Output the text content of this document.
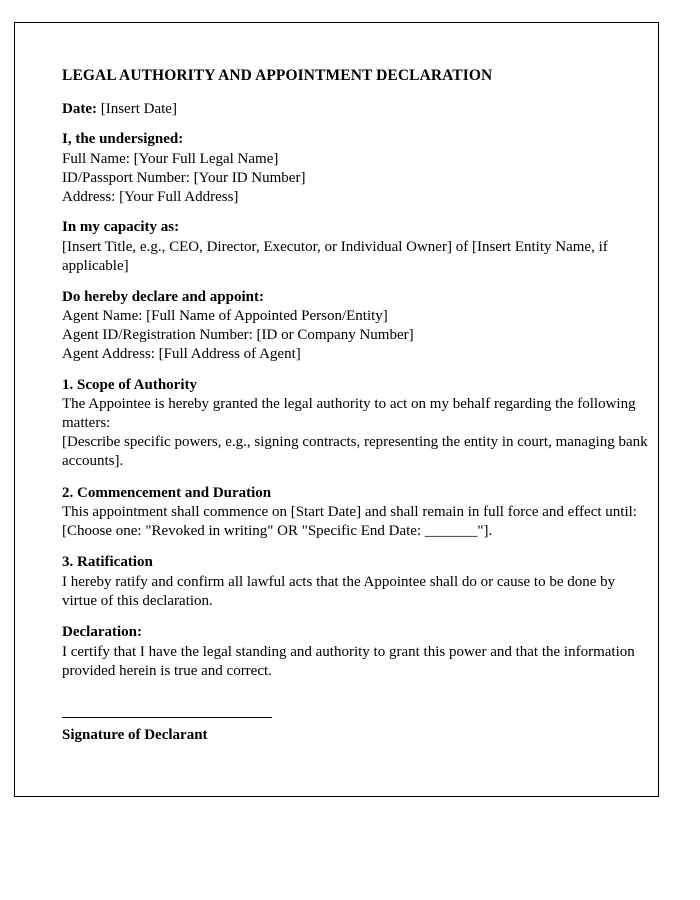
LEGAL AUTHORITY AND APPOINTMENT DECLARATION

Date: [Insert Date]

I, the undersigned:

Full Name: [Your Full Legal Name]

ID/Passport Number: [Your ID Number]

Address: [Your Full Address]

In my capacity as:

[Insert Title, e.g., CEO, Director, Executor, or Individual Owner] of [Insert Entity Name, if applicable]

Do hereby declare and appoint:

Agent Name: [Full Name of Appointed Person/Entity]

Agent ID/Registration Number: [ID or Company Number]

Agent Address: [Full Address of Agent]

1. Scope of Authority

The Appointee is hereby granted the legal authority to act on my behalf regarding the following matters:

[Describe specific powers, e.g., signing contracts, representing the entity in court, managing bank accounts].

2. Commencement and Duration

This appointment shall commence on [Start Date] and shall remain in full force and effect until:

[Choose one: "Revoked in writing" OR "Specific End Date: _______"].

3. Ratification

I hereby ratify and confirm all lawful acts that the Appointee shall do or cause to be done by virtue of this declaration.

Declaration:

I certify that I have the legal standing and authority to grant this power and that the information provided herein is true and correct.

Signature of Declarant
